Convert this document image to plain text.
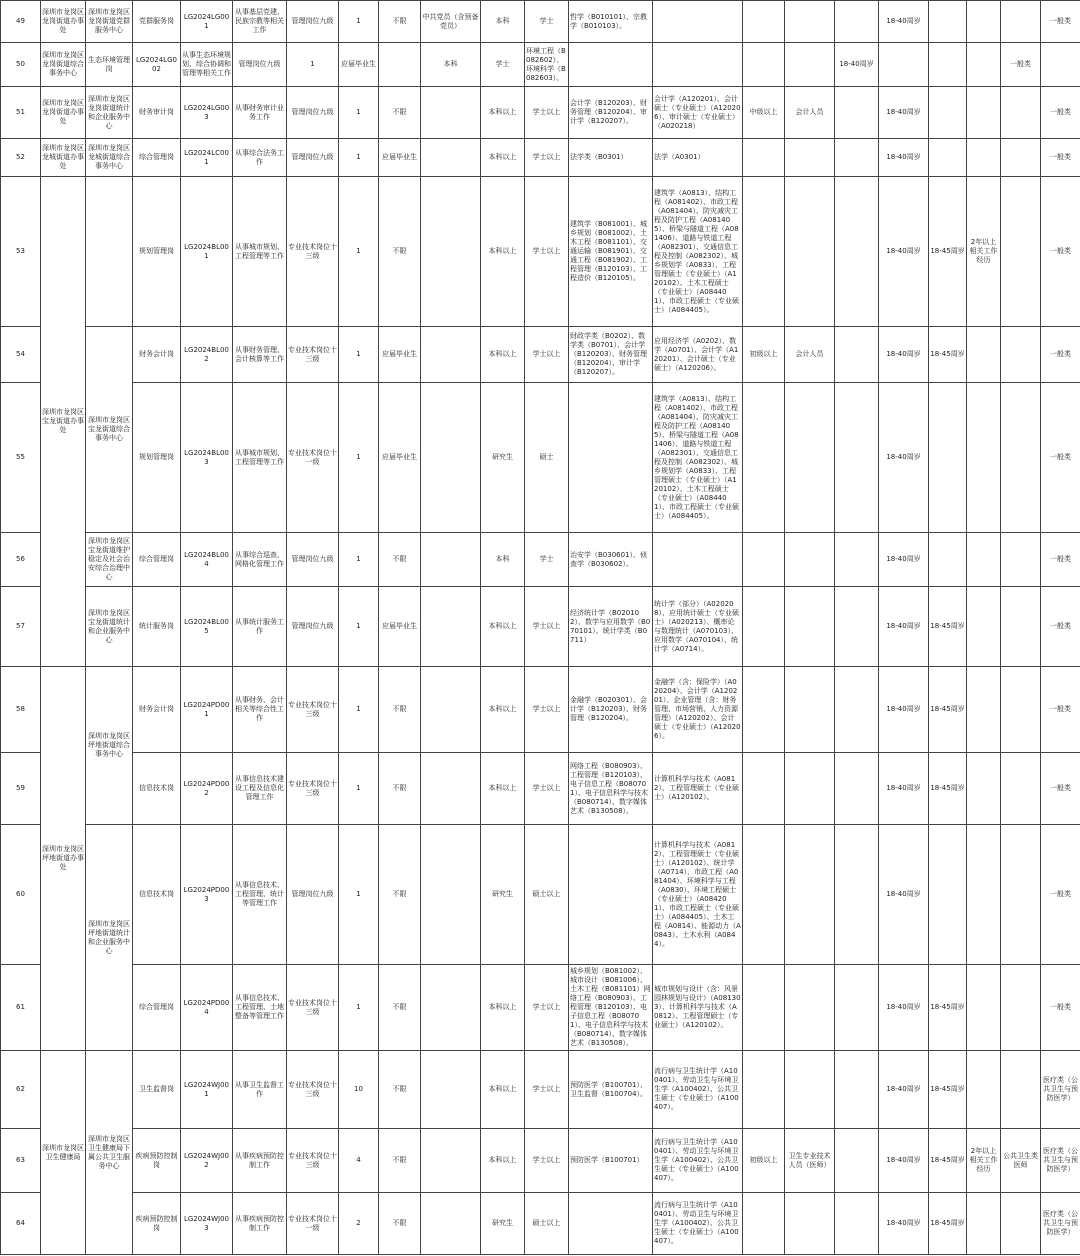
49	深圳市龙岗区龙岗街道办事处	深圳市龙岗区龙岗街道党群服务中心	党群服务岗	LG2024LG001	从事基层党建、民族宗教等相关工作	管理岗位九级	1	不限	中共党员（含预备党员）	本科	学士	哲学（B010101）、宗教学（B010103）。					18-40周岁				一般类
50	深圳市龙岗区龙岗街道综合事务中心	生态环境管理岗	LG2024LG002	从事生态环境规划、综合协调和管理等相关工作	管理岗位九级	1	应届毕业生		本科	学士	环境工程（B082602）、环境科学（B082603）。					18-40周岁				一般类	
51	深圳市龙岗区龙岗街道办事处	深圳市龙岗区龙岗街道统计和企业服务中心	财务审计岗	LG2024LG003	从事财务审计业务工作	管理岗位九级	1	不限		本科以上	学士以上	会计学（B120203）、财务管理（B120204）、审计学（B120207）。	会计学（A120201）、会计硕士（专业硕士）（A120206）、审计硕士（专业硕士）（A020218）	中级以上	会计人员		18-40周岁				一般类
52	深圳市龙岗区龙城街道办事处	深圳市龙岗区龙城街道综合事务中心	综合管理岗	LG2024LC001	从事综合法务工作	管理岗位九级	1	应届毕业生		本科以上	学士以上	法学类（B0301）	法学（A0301）				18-40周岁				一般类
53	深圳市龙岗区宝龙街道办事处		规划管理岗	LG2024BL001	从事城市规划、工程管理等工作	专业技术岗位十三级	1	不限		本科以上	学士以上	建筑学（B081001）、城乡规划（B081002）、土木工程（B081101）、交通运输（B081901）、交通工程（B081902）、工程管理（B120103）、工程造价（B120105）。	建筑学（A0813）、结构工程（A081402）、市政工程（A081404）、防灾减灾工程及防护工程（A081405）、桥梁与隧道工程（A081406）、道路与铁道工程（A082301）、交通信息工程及控制（A082302）、城乡规划学（A0833）、工程管理硕士（专业硕士）（A120102）、土木工程硕士（专业硕士）（A084401）、市政工程硕士（专业硕士）（A084405）。				18-40周岁	18-45周岁	2年以上相关工作经历		一般类
54		深圳市龙岗区宝龙街道综合事务中心	财务会计岗	LG2024BL002	从事财务管理、会计核算等工作	专业技术岗位十三级	1	应届毕业生		本科以上	学士以上	财政学类（B0202）、数学类（B0701）、会计学（B120203）、财务管理（B120204）、审计学（B120207）。	应用经济学（A0202）、数学（A0701）、会计学（A120201）、会计硕士（专业硕士）（A120206）。	初级以上	会计人员		18-40周岁	18-45周岁			一般类
55			规划管理岗	LG2024BL003	从事城市规划、工程管理等工作	专业技术岗位十一级	1	应届毕业生		研究生	硕士		建筑学（A0813）、结构工程（A081402）、市政工程（A081404）、防灾减灾工程及防护工程（A081405）、桥梁与隧道工程（A081406）、道路与铁道工程（A082301）、交通信息工程及控制（A082302）、城乡规划学（A0833）、工程管理硕士（专业硕士）（A120102）、土木工程硕士（专业硕士）（A084401）、市政工程硕士（专业硕士）（A084405）。				18-40周岁				一般类
56		深圳市龙岗区宝龙街道维护稳定及社会治安综合治理中心	综合管理岗	LG2024BL004	从事综合巡查、网格化管理工作	管理岗位九级	1	不限		本科	学士	治安学（B030601）、侦查学（B030602）。					18-40周岁				一般类
57		深圳市龙岗区宝龙街道统计和企业服务中心	统计服务岗	LG2024BL005	从事统计服务工作	管理岗位九级	1	应届毕业生		本科以上	学士以上	经济统计学（B020102）、数学与应用数学（B070101）、统计学类（B0711）	统计学（部分）（A020208）、应用统计硕士（专业硕士）（A020213）、概率论与数理统计（A070103）、应用数学（A070104）、统计学（A0714）。				18-40周岁	18-45周岁			一般类
58	深圳市龙岗区坪地街道办事处	深圳市龙岗区坪地街道综合事务中心	财务会计岗	LG2024PD001	从事财务、会计相关等综合性工作	专业技术岗位十三级	1	不限		本科以上	学士以上	金融学（B020301）、会计学（B120203）、财务管理（B120204）。	金融学（含：保险学）（A020204）、会计学（A120201）、企业管理（含：财务管理、市场营销、人力资源管理）（A120202）、会计硕士（专业硕士）（A120206）。				18-40周岁	18-45周岁			一般类
59			信息技术岗	LG2024PD002	从事信息技术建设工程及信息化管理工作	专业技术岗位十三级	1	不限		本科以上	学士以上	网络工程（B080903）、工程管理（B120103）、电子信息工程（B080701）、电子信息科学与技术（B080714）、数字媒体艺术（B130508）。	计算机科学与技术（A0812）、工程管理硕士（专业硕士）（A120102）。				18-40周岁	18-45周岁			一般类
60		深圳市龙岗区坪地街道统计和企业服务中心	信息技术岗	LG2024PD003	从事信息技术、工程管理、统计等管理工作	管理岗位九级	1	不限		研究生	硕士以上		计算机科学与技术（A0812）、工程管理硕士（专业硕士）（A120102）、统计学（A0714）、市政工程（A081404）、环境科学与工程（A0830）、环境工程硕士（专业硕士）（A084201）、市政工程硕士（专业硕士）（A084405）、土木工程（A0814）、能源动力（A0843）、土木水利（A0844）。				18-40周岁				一般类
61			综合管理岗	LG2024PD004	从事信息技术、工程管理、土地整备等管理工作	专业技术岗位十三级	1	不限		本科以上	学士以上	城乡规划（B081002）、城市设计（B081006）、土木工程（B081101）网络工程（B080903）、工程管理（B120103）、电子信息工程（B080701）、电子信息科学与技术（B080714）、数字媒体艺术（B130508）。	城市规划与设计（含：风景园林规划与设计）（A081303）、计算机科学与技术（A0812）、工程管理硕士（专业硕士）（A120102）。				18-40周岁	18-45周岁			一般类
62	深圳市龙岗区卫生健康局	深圳市龙岗区卫生健康局下属公共卫生服务中心	卫生监督岗	LG2024WJ001	从事卫生监督工作	专业技术岗位十三级	10	不限		本科以上	学士以上	预防医学（B100701）、卫生监督（B100704）。	流行病与卫生统计学（A100401）、劳动卫生与环境卫生学（A100402）、公共卫生硕士（专业硕士）（A100407）。				18-40周岁	18-45周岁			医疗类（公共卫生与预防医学）
63			疾病预防控制岗	LG2024WJ002	从事疾病预防控制工作	专业技术岗位十三级	4	不限		本科以上	学士以上	预防医学（B100701）	流行病与卫生统计学（A100401）、劳动卫生与环境卫生学（A100402）、公共卫生硕士（专业硕士）（A100407）。	初级以上	卫生专业技术人员（医师）		18-40周岁	18-45周岁	2年以上相关工作经历	公共卫生类医师	医疗类（公共卫生与预防医学）
64			疾病预防控制岗	LG2024WJ003	从事疾病预防控制工作	专业技术岗位十一级	2	不限		研究生	硕士以上		流行病与卫生统计学（A100401）、劳动卫生与环境卫生学（A100402）、公共卫生硕士（专业硕士）（A100407）。				18-40周岁	18-45周岁			医疗类（公共卫生与预防医学）
